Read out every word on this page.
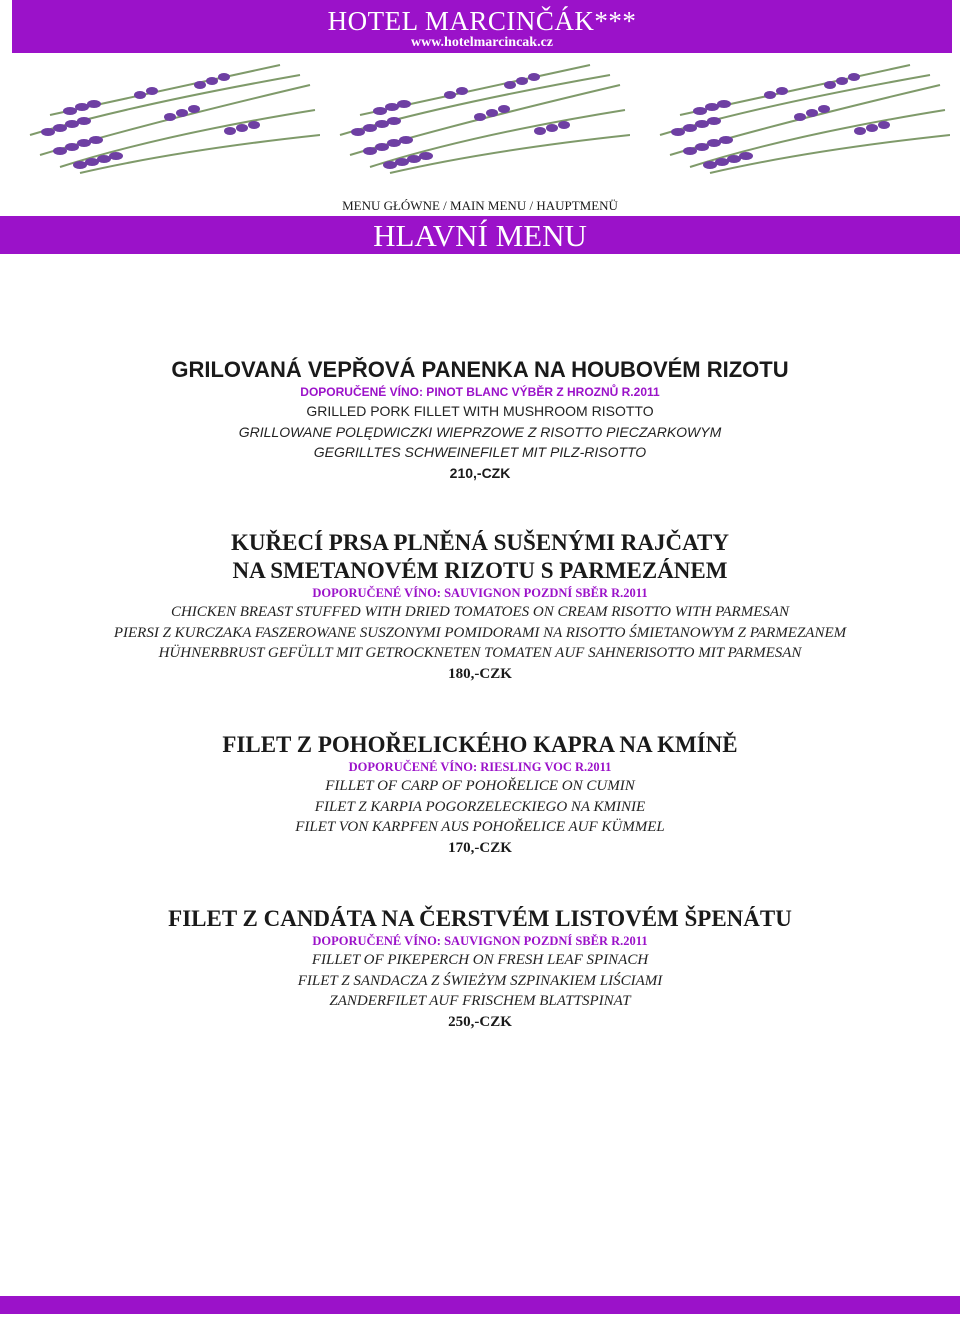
HOTEL MARCINČÁK***
www.hotelmarcincak.cz
MENU GŁÓWNE / MAIN MENU / HAUPTMENÜ
HLAVNÍ MENU
GRILOVANÁ VEPŘOVÁ PANENKA NA HOUBOVÉM RIZOTU
DOPORUČENÉ VÍNO: PINOT BLANC VÝBĚR Z HROZNŮ R.2011
GRILLED PORK FILLET WITH MUSHROOM RISOTTO
GRILLOWANE POLĘDWICZKI WIEPRZOWE Z RISOTTO PIECZARKOWYM
GEGRILLTES SCHWEINEFILET MIT PILZ-RISOTTO
210,-CZK
KUŘECÍ PRSA PLNĚNÁ SUŠENÝMI RAJČATY
NA SMETANOVÉM RIZOTU S PARMEZÁNEM
DOPORUČENÉ VÍNO: SAUVIGNON POZDNÍ SBĚR R.2011
CHICKEN BREAST STUFFED WITH DRIED TOMATOES ON CREAM RISOTTO WITH PARMESAN
PIERSI Z KURCZAKA FASZEROWANE SUSZONYMI POMIDORAMI NA RISOTTO ŚMIETANOWYM Z PARMEZANEM
HÜHNERBRUST GEFÜLLT MIT GETROCKNETEN TOMATEN AUF SAHNERISOTTO MIT PARMESAN
180,-CZK
FILET Z POHOŘELICKÉHO KAPRA NA KMÍNĚ
DOPORUČENÉ VÍNO: RIESLING VOC R.2011
FILLET OF CARP OF POHOŘELICE ON CUMIN
FILET Z KARPIA POGORZELECKIEGO NA KMINIE
FILET VON KARPFEN AUS POHOŘELICE AUF KÜMMEL
170,-CZK
FILET Z CANDÁTA NA ČERSTVÉM LISTOVÉM ŠPENÁTU
DOPORUČENÉ VÍNO: SAUVIGNON POZDNÍ SBĚR R.2011
FILLET OF PIKEPERCH ON FRESH LEAF SPINACH
FILET Z SANDACZA Z ŚWIEŻYM SZPINAKIEM LIŚCIAMI
ZANDERFILET AUF FRISCHEM BLATTSPINAT
250,-CZK
